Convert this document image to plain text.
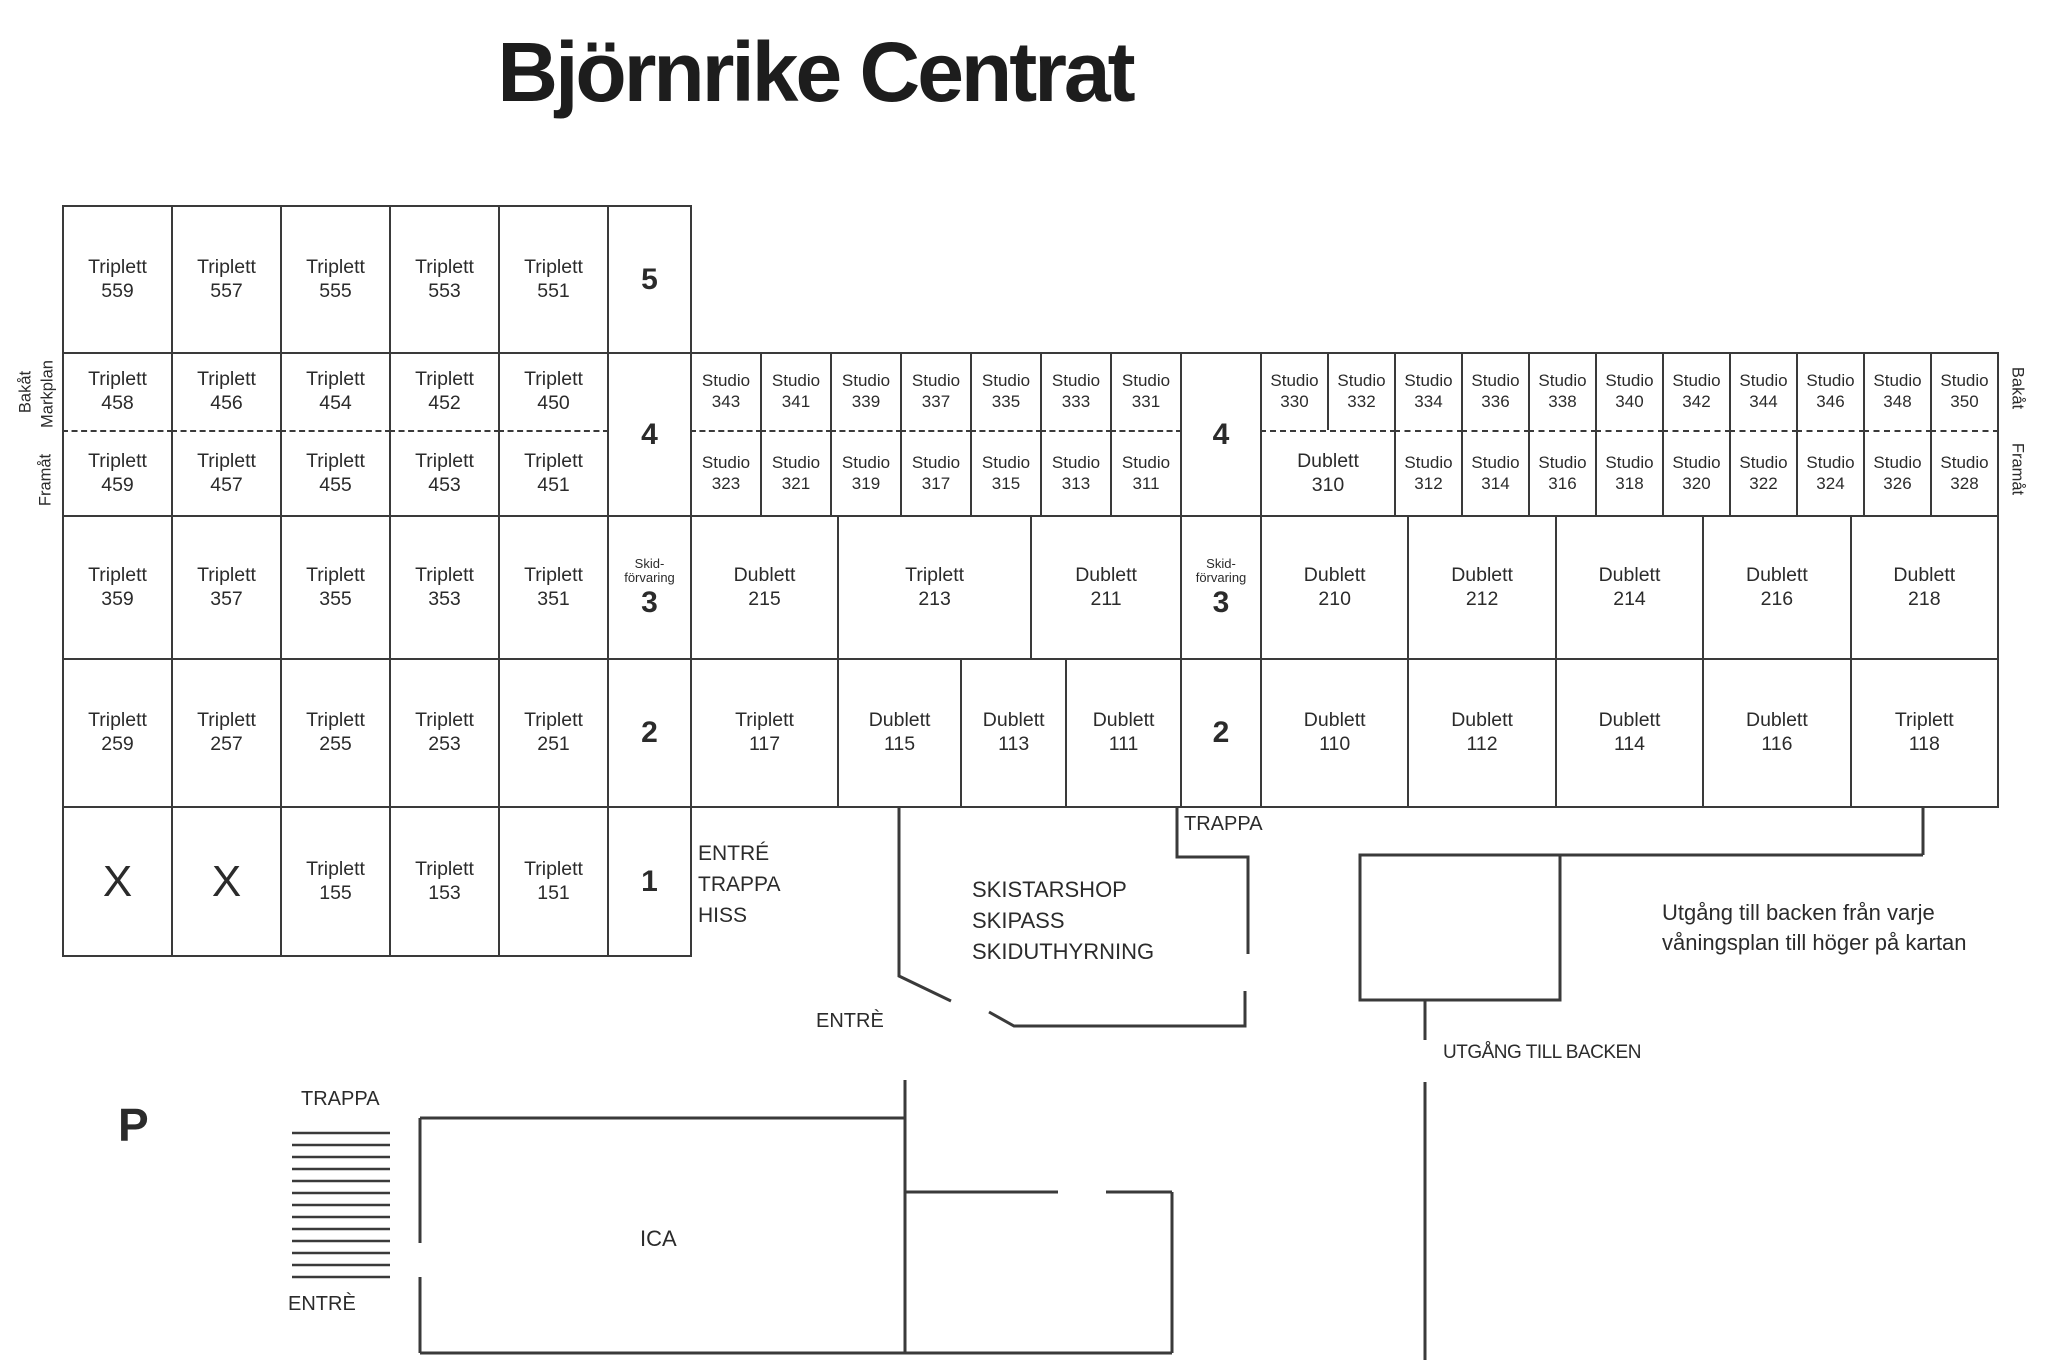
Björnrike Centrat
Bakåt Markplan
Framåt
Bakåt
Framåt
ENTRÉ
TRAPPA
HISS
TRAPPA
SKISTARSHOP
SKIPASS
SKIDUTHYRNING
ENTRÈ
UTGÅNG TILL BACKEN
Utgång till backen från varje
våningsplan till höger på kartan
P	TRAPPA
ENTRÈ
ICA
Triplett
559
Triplett
557
Triplett
555
Triplett
553
Triplett
551
Triplett
458
Triplett
456
Triplett
454
Triplett
452
Triplett
450
Triplett
459
Triplett
457
Triplett
455
Triplett
453
Triplett
451
Triplett
359
Triplett
357
Triplett
355
Triplett
353
Triplett
351
Triplett
259
Triplett
257
Triplett
255
Triplett
253
Triplett
251
X X	Triplett
155
Triplett
153
Triplett
151
5
4
Skid-
förvaring
3
2
1
Studio
343
Studio
341
Studio
339
Studio
337
Studio
335
Studio
333
Studio
331
Studio
323
Studio
321
Studio
319
Studio
317
Studio
315
Studio
313
Studio
311
Dublett
215
Triplett
213
Dublett
211
Triplett
117
Dublett
115
Dublett
113
Dublett
111
4
Skid-
förvaring
3
2
Studio
330
Studio
332
Studio
334
Studio
336
Studio
338
Studio
340
Studio
342
Studio
344
Studio
346
Studio
348
Studio
350
Dublett
310
Studio
312
Studio
314
Studio
316
Studio
318
Studio
320
Studio
322
Studio
324
Studio
326
Studio
328
Dublett
210
Dublett
212
Dublett
214
Dublett
216
Dublett
218
Dublett
110
Dublett
112
Dublett
114
Dublett
116
Triplett
118
